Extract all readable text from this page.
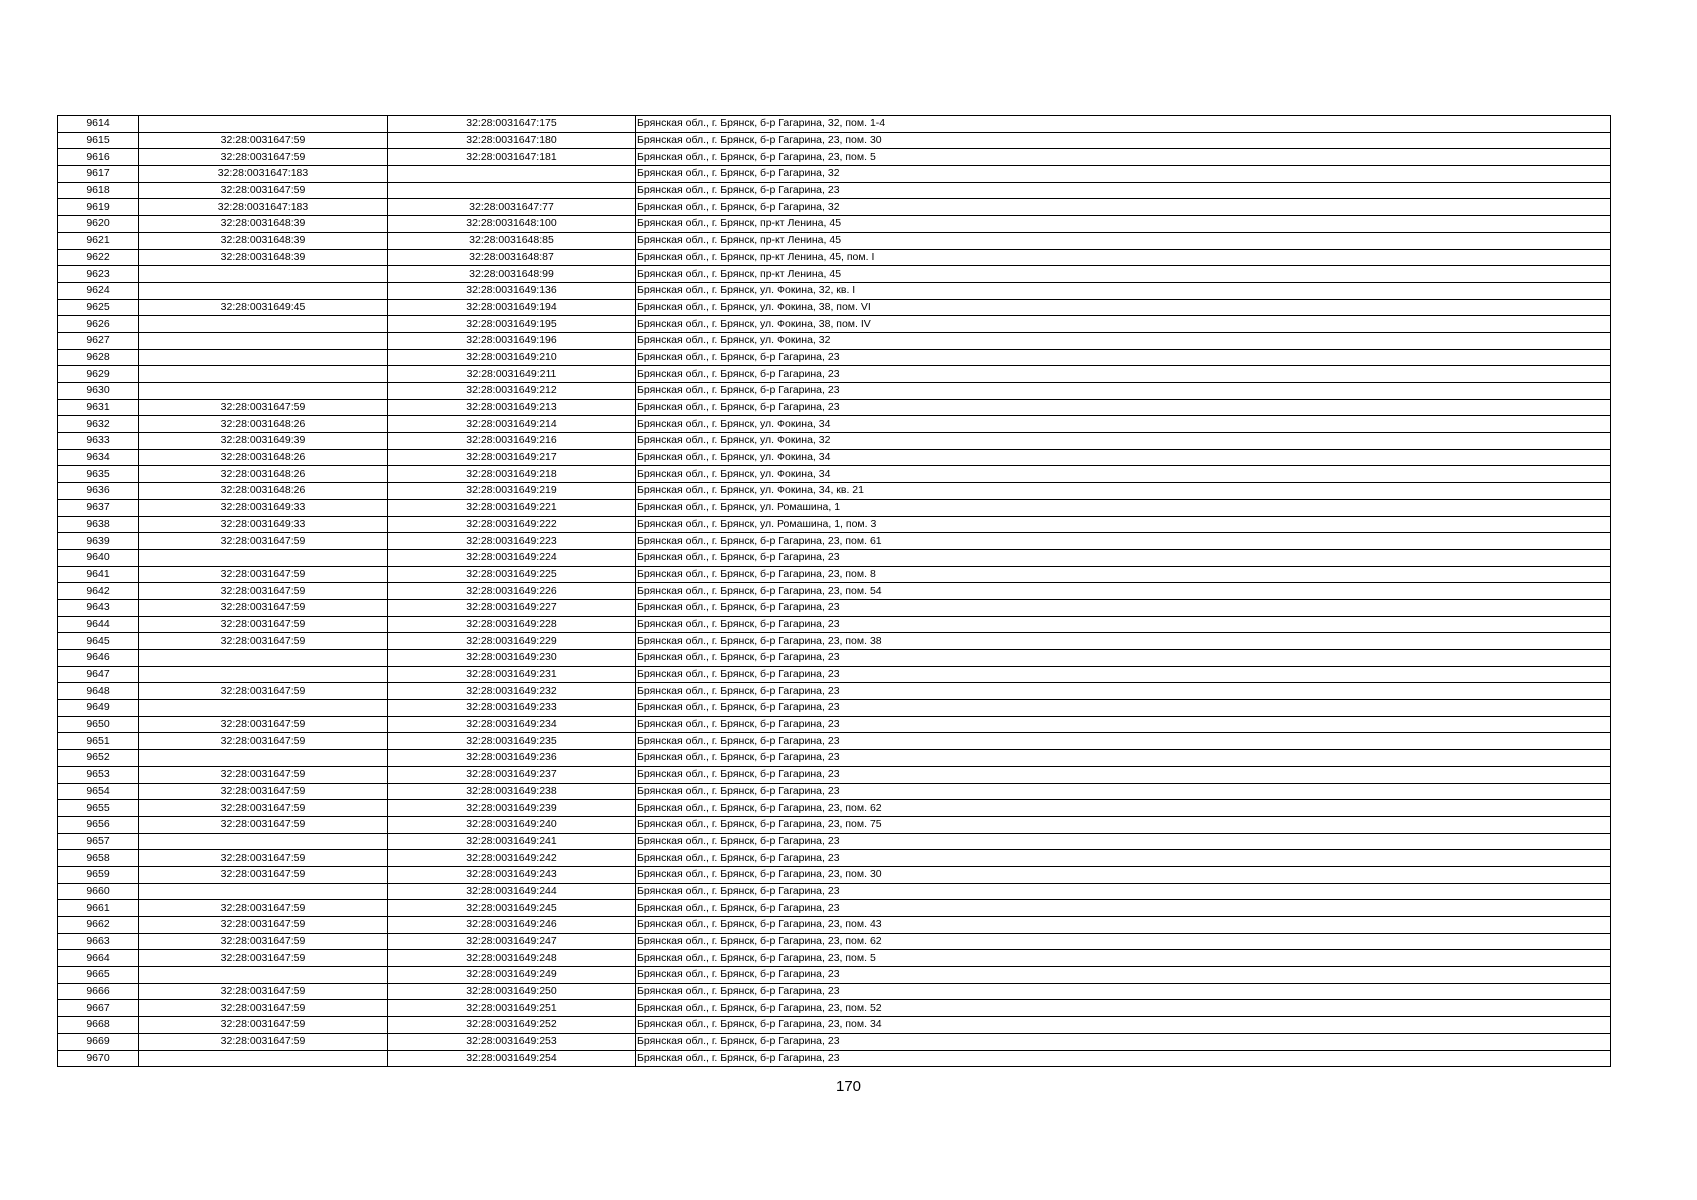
9614		32:28:0031647:175	Брянская обл., г. Брянск, б-р Гагарина, 32, пом. 1-4
9615	32:28:0031647:59	32:28:0031647:180	Брянская обл., г. Брянск, б-р Гагарина, 23, пом. 30
9616	32:28:0031647:59	32:28:0031647:181	Брянская обл., г. Брянск, б-р Гагарина, 23, пом. 5
9617	32:28:0031647:183		Брянская обл., г. Брянск, б-р Гагарина, 32
9618	32:28:0031647:59		Брянская обл., г. Брянск, б-р Гагарина, 23
9619	32:28:0031647:183	32:28:0031647:77	Брянская обл., г. Брянск, б-р Гагарина, 32
9620	32:28:0031648:39	32:28:0031648:100	Брянская обл., г. Брянск, пр-кт Ленина, 45
9621	32:28:0031648:39	32:28:0031648:85	Брянская обл., г. Брянск, пр-кт Ленина, 45
9622	32:28:0031648:39	32:28:0031648:87	Брянская обл., г. Брянск, пр-кт Ленина, 45, пом. I
9623		32:28:0031648:99	Брянская обл., г. Брянск, пр-кт Ленина, 45
9624		32:28:0031649:136	Брянская обл., г. Брянск, ул. Фокина, 32, кв. I
9625	32:28:0031649:45	32:28:0031649:194	Брянская обл., г. Брянск, ул. Фокина, 38, пом. VI
9626		32:28:0031649:195	Брянская обл., г. Брянск, ул. Фокина, 38, пом. IV
9627		32:28:0031649:196	Брянская обл., г. Брянск, ул. Фокина, 32
9628		32:28:0031649:210	Брянская обл., г. Брянск, б-р Гагарина, 23
9629		32:28:0031649:211	Брянская обл., г. Брянск, б-р Гагарина, 23
9630		32:28:0031649:212	Брянская обл., г. Брянск, б-р Гагарина, 23
9631	32:28:0031647:59	32:28:0031649:213	Брянская обл., г. Брянск, б-р Гагарина, 23
9632	32:28:0031648:26	32:28:0031649:214	Брянская обл., г. Брянск, ул. Фокина, 34
9633	32:28:0031649:39	32:28:0031649:216	Брянская обл., г. Брянск, ул. Фокина, 32
9634	32:28:0031648:26	32:28:0031649:217	Брянская обл., г. Брянск, ул. Фокина, 34
9635	32:28:0031648:26	32:28:0031649:218	Брянская обл., г. Брянск, ул. Фокина, 34
9636	32:28:0031648:26	32:28:0031649:219	Брянская обл., г. Брянск, ул. Фокина, 34, кв. 21
9637	32:28:0031649:33	32:28:0031649:221	Брянская обл., г. Брянск, ул. Ромашина, 1
9638	32:28:0031649:33	32:28:0031649:222	Брянская обл., г. Брянск, ул. Ромашина, 1, пом. 3
9639	32:28:0031647:59	32:28:0031649:223	Брянская обл., г. Брянск, б-р Гагарина, 23, пом. 61
9640		32:28:0031649:224	Брянская обл., г. Брянск, б-р Гагарина, 23
9641	32:28:0031647:59	32:28:0031649:225	Брянская обл., г. Брянск, б-р Гагарина, 23, пом. 8
9642	32:28:0031647:59	32:28:0031649:226	Брянская обл., г. Брянск, б-р Гагарина, 23, пом. 54
9643	32:28:0031647:59	32:28:0031649:227	Брянская обл., г. Брянск, б-р Гагарина, 23
9644	32:28:0031647:59	32:28:0031649:228	Брянская обл., г. Брянск, б-р Гагарина, 23
9645	32:28:0031647:59	32:28:0031649:229	Брянская обл., г. Брянск, б-р Гагарина, 23, пом. 38
9646		32:28:0031649:230	Брянская обл., г. Брянск, б-р Гагарина, 23
9647		32:28:0031649:231	Брянская обл., г. Брянск, б-р Гагарина, 23
9648	32:28:0031647:59	32:28:0031649:232	Брянская обл., г. Брянск, б-р Гагарина, 23
9649		32:28:0031649:233	Брянская обл., г. Брянск, б-р Гагарина, 23
9650	32:28:0031647:59	32:28:0031649:234	Брянская обл., г. Брянск, б-р Гагарина, 23
9651	32:28:0031647:59	32:28:0031649:235	Брянская обл., г. Брянск, б-р Гагарина, 23
9652		32:28:0031649:236	Брянская обл., г. Брянск, б-р Гагарина, 23
9653	32:28:0031647:59	32:28:0031649:237	Брянская обл., г. Брянск, б-р Гагарина, 23
9654	32:28:0031647:59	32:28:0031649:238	Брянская обл., г. Брянск, б-р Гагарина, 23
9655	32:28:0031647:59	32:28:0031649:239	Брянская обл., г. Брянск, б-р Гагарина, 23, пом. 62
9656	32:28:0031647:59	32:28:0031649:240	Брянская обл., г. Брянск, б-р Гагарина, 23, пом. 75
9657		32:28:0031649:241	Брянская обл., г. Брянск, б-р Гагарина, 23
9658	32:28:0031647:59	32:28:0031649:242	Брянская обл., г. Брянск, б-р Гагарина, 23
9659	32:28:0031647:59	32:28:0031649:243	Брянская обл., г. Брянск, б-р Гагарина, 23, пом. 30
9660		32:28:0031649:244	Брянская обл., г. Брянск, б-р Гагарина, 23
9661	32:28:0031647:59	32:28:0031649:245	Брянская обл., г. Брянск, б-р Гагарина, 23
9662	32:28:0031647:59	32:28:0031649:246	Брянская обл., г. Брянск, б-р Гагарина, 23, пом. 43
9663	32:28:0031647:59	32:28:0031649:247	Брянская обл., г. Брянск, б-р Гагарина, 23, пом. 62
9664	32:28:0031647:59	32:28:0031649:248	Брянская обл., г. Брянск, б-р Гагарина, 23, пом. 5
9665		32:28:0031649:249	Брянская обл., г. Брянск, б-р Гагарина, 23
9666	32:28:0031647:59	32:28:0031649:250	Брянская обл., г. Брянск, б-р Гагарина, 23
9667	32:28:0031647:59	32:28:0031649:251	Брянская обл., г. Брянск, б-р Гагарина, 23, пом. 52
9668	32:28:0031647:59	32:28:0031649:252	Брянская обл., г. Брянск, б-р Гагарина, 23, пом. 34
9669	32:28:0031647:59	32:28:0031649:253	Брянская обл., г. Брянск, б-р Гагарина, 23
9670		32:28:0031649:254	Брянская обл., г. Брянск, б-р Гагарина, 23
170
